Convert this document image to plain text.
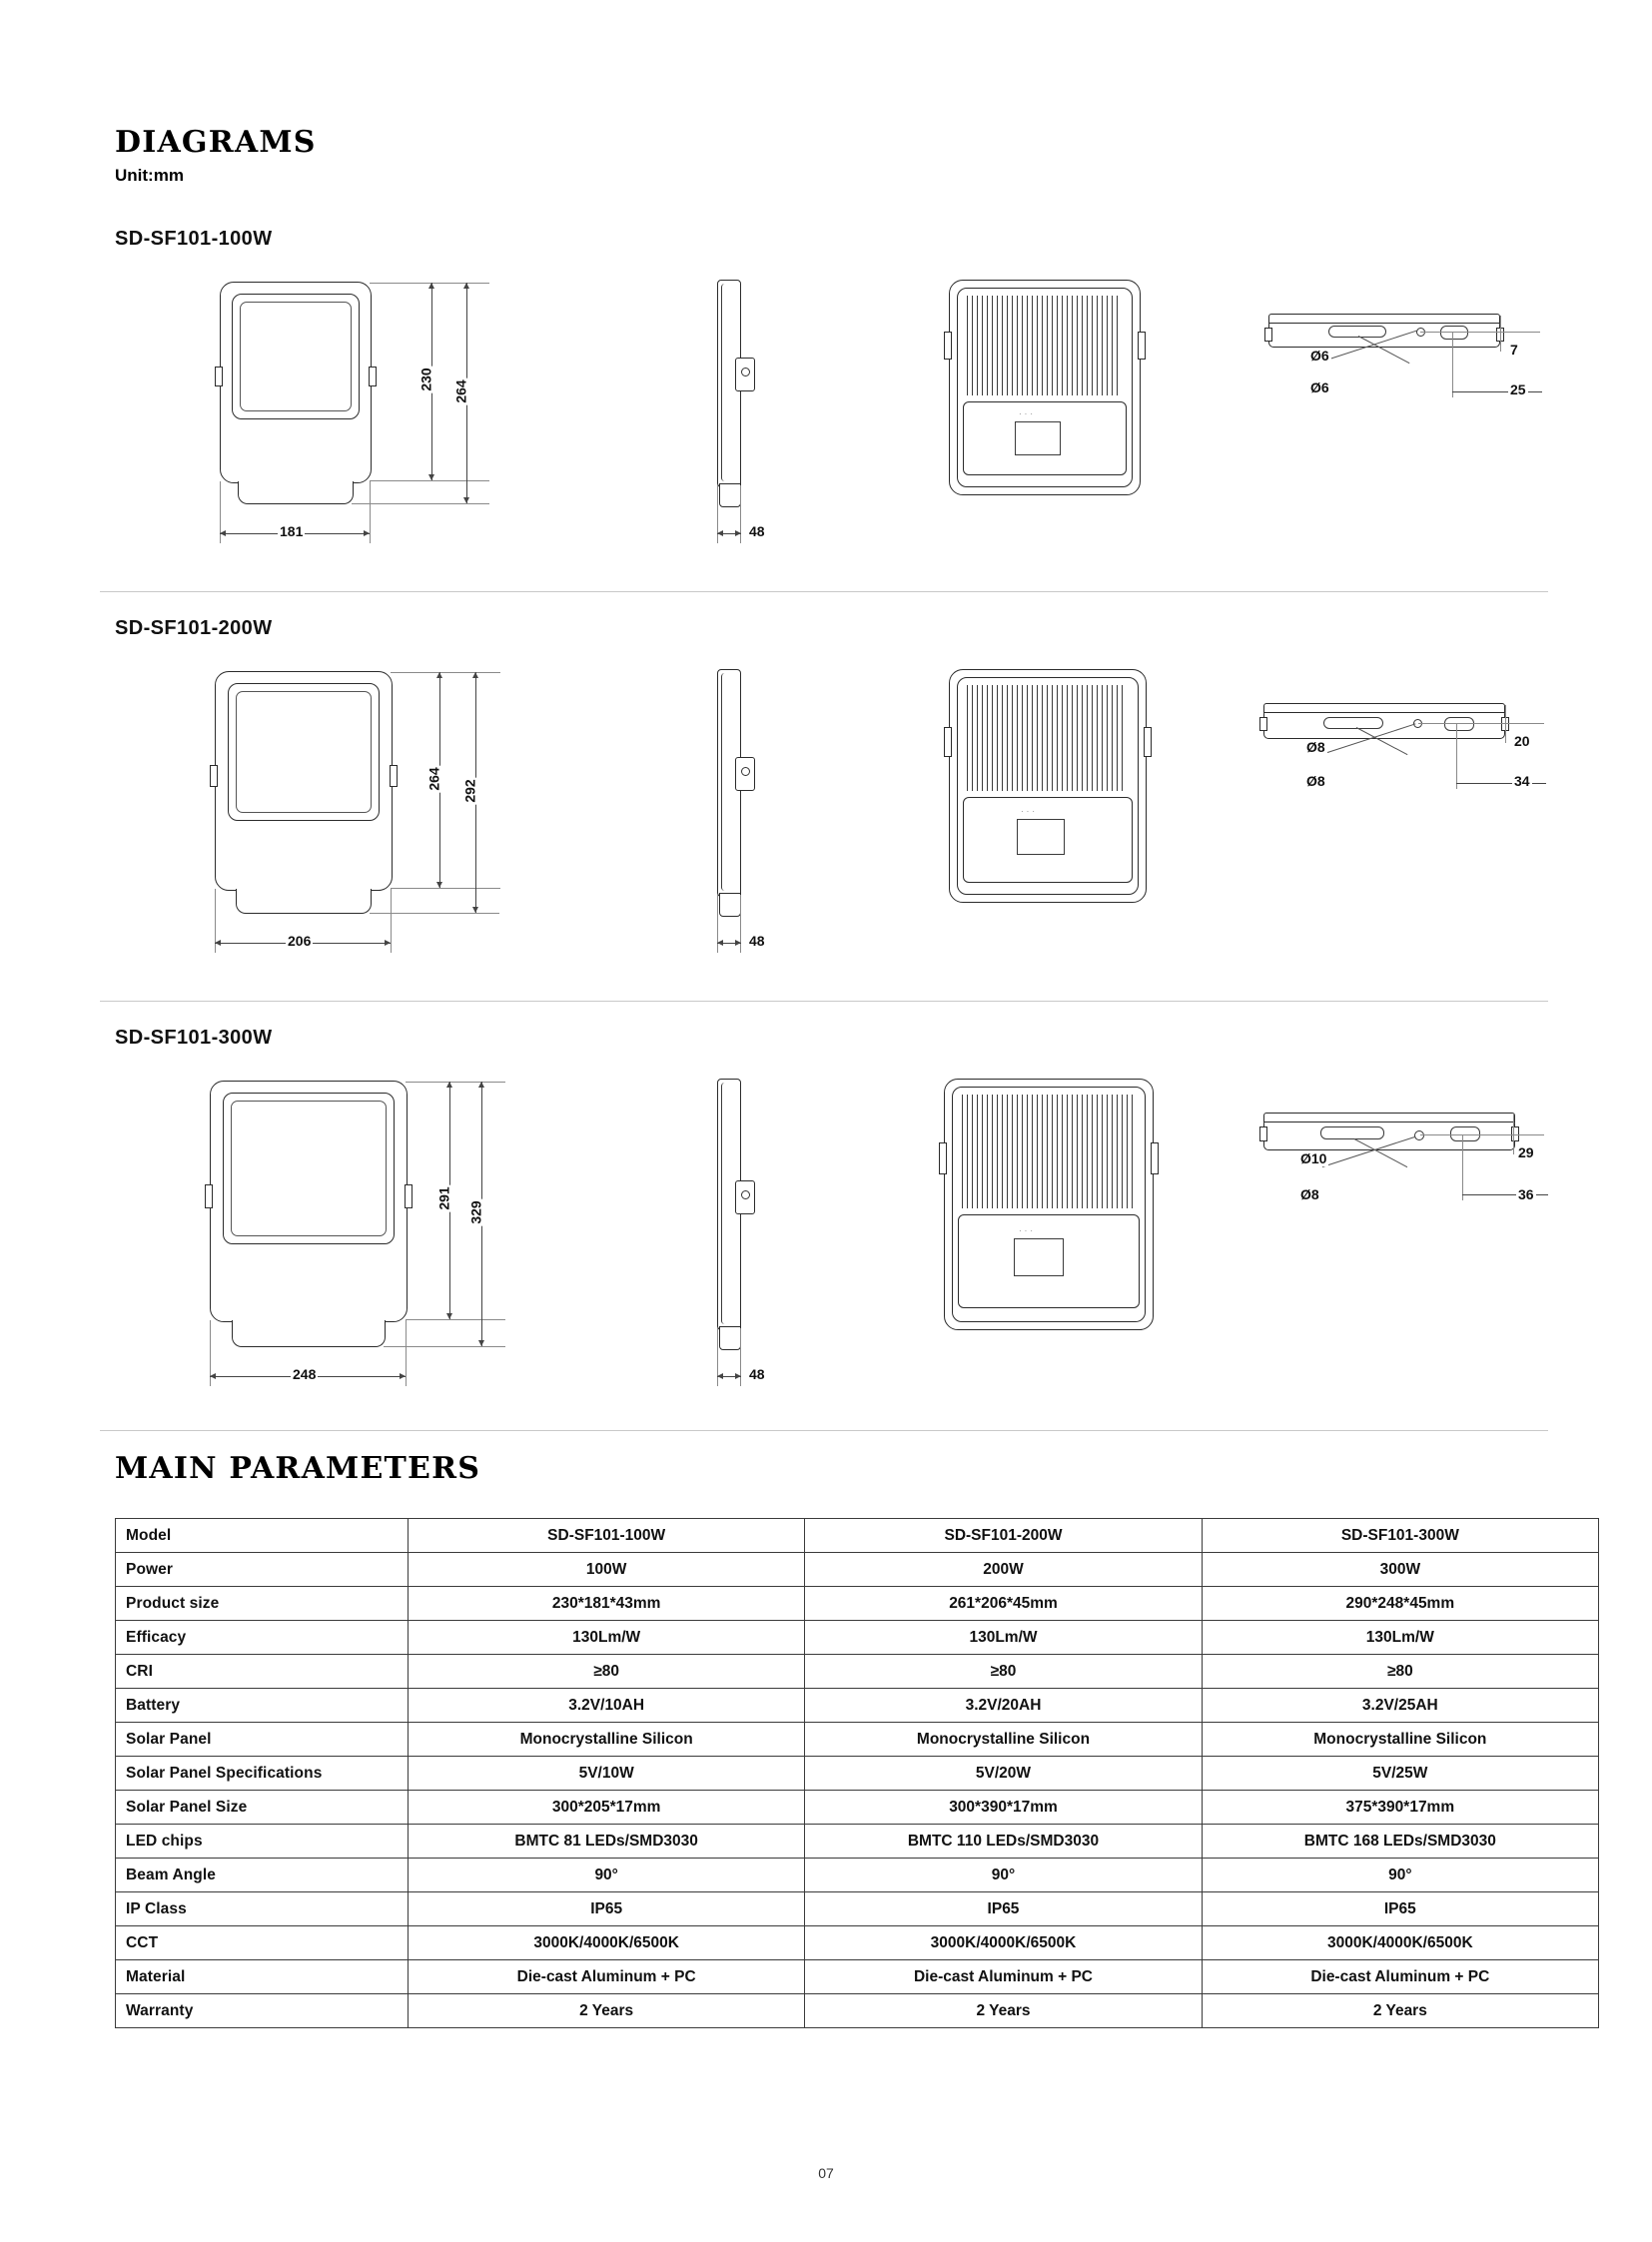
DIAGRAMS
Unit:mm
SD-SF101-100W
230
264
181	48
···
Ø6
Ø6
7
25
SD-SF101-200W
264
292
206	48
···
Ø8
Ø8
20
34
SD-SF101-300W
291
329
248	48
···
Ø10
Ø8
29
36
MAIN PARAMETERS
Model	SD-SF101-100W	SD-SF101-200W	SD-SF101-300W
Power	100W	200W	300W
Product size	230*181*43mm	261*206*45mm	290*248*45mm
Efficacy	130Lm/W	130Lm/W	130Lm/W
CRI	≥80	≥80	≥80
Battery	3.2V/10AH	3.2V/20AH	3.2V/25AH
Solar Panel	Monocrystalline Silicon	Monocrystalline Silicon	Monocrystalline Silicon
Solar Panel Specifications	5V/10W	5V/20W	5V/25W
Solar Panel Size	300*205*17mm	300*390*17mm	375*390*17mm
LED chips	BMTC 81 LEDs/SMD3030	BMTC 110 LEDs/SMD3030	BMTC 168 LEDs/SMD3030
Beam Angle	90°	90°	90°
IP Class	IP65	IP65	IP65
CCT	3000K/4000K/6500K	3000K/4000K/6500K	3000K/4000K/6500K
Material	Die-cast Aluminum + PC	Die-cast Aluminum + PC	Die-cast Aluminum + PC
Warranty	2 Years	2 Years	2 Years
07
